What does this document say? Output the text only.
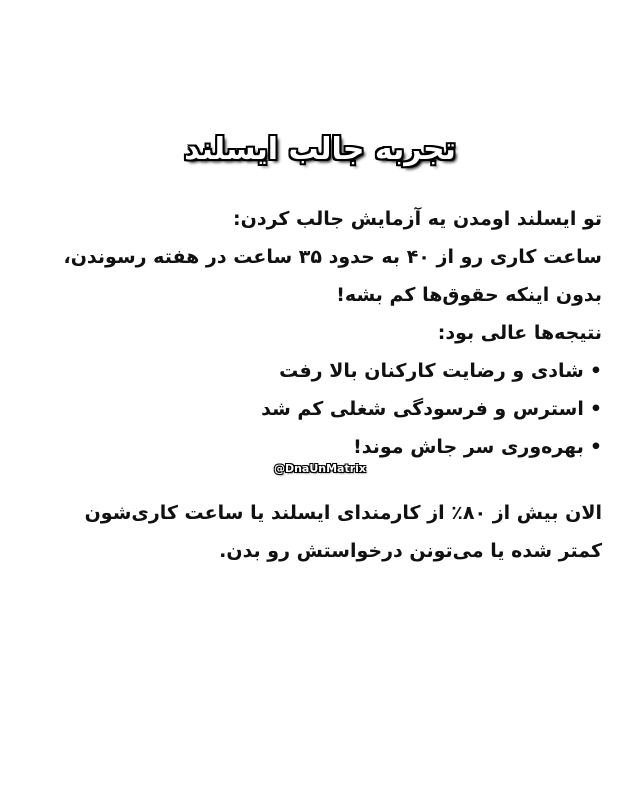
تجربه جالب ایسلند
تو ایسلند اومدن یه آزمایش جالب کردن:
ساعت کاری رو از ۴۰ به حدود ۳۵ ساعت در هفته رسوندن،
بدون اینکه حقوق‌ها کم بشه!
نتیجه‌ها عالی بود:
•شادی و رضایت کارکنان بالا رفت
•استرس و فرسودگی شغلی کم شد
•بهره‌وری سر جاش موند!
@DnaUnMatrix
الان بیش از ۸۰٪ از کارمندای ایسلند یا ساعت کاری‌شون
کمتر شده یا می‌تونن درخواستش رو بدن.
